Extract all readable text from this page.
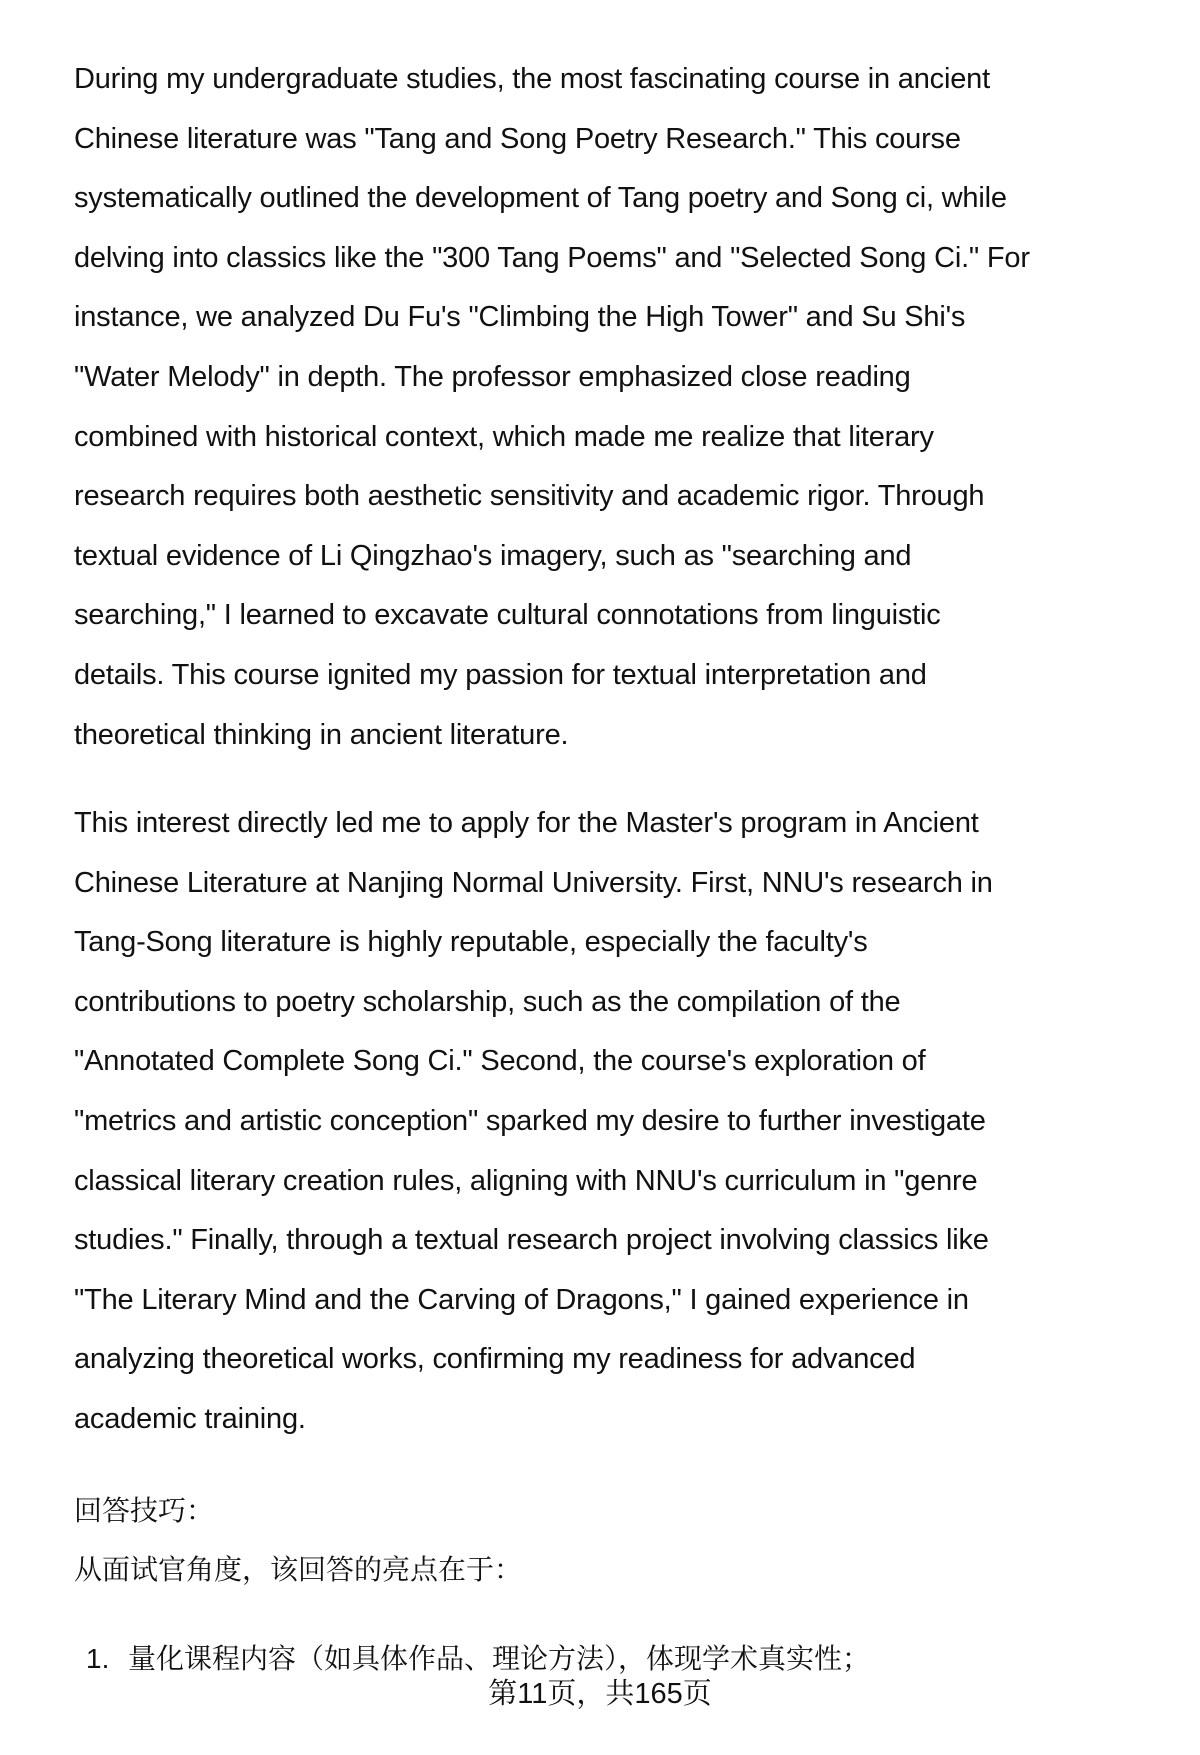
During my undergraduate studies, the most fascinating course in ancient
Chinese literature was "Tang and Song Poetry Research." This course
systematically outlined the development of Tang poetry and Song ci, while
delving into classics like the "300 Tang Poems" and "Selected Song Ci." For
instance, we analyzed Du Fu's "Climbing the High Tower" and Su Shi's
"Water Melody" in depth. The professor emphasized close reading
combined with historical context, which made me realize that literary
research requires both aesthetic sensitivity and academic rigor. Through
textual evidence of Li Qingzhao's imagery, such as "searching and
searching," I learned to excavate cultural connotations from linguistic
details. This course ignited my passion for textual interpretation and
theoretical thinking in ancient literature.
This interest directly led me to apply for the Master's program in Ancient
Chinese Literature at Nanjing Normal University. First, NNU's research in
Tang-Song literature is highly reputable, especially the faculty's
contributions to poetry scholarship, such as the compilation of the
"Annotated Complete Song Ci." Second, the course's exploration of
"metrics and artistic conception" sparked my desire to further investigate
classical literary creation rules, aligning with NNU's curriculum in "genre
studies." Finally, through a textual research project involving classics like
"The Literary Mind and the Carving of Dragons," I gained experience in
analyzing theoretical works, confirming my readiness for advanced
academic training.
回答技巧：
从面试官角度，该回答的亮点在于：
1. 量化课程内容（如具体作品、理论方法），体现学术真实性；
第11页，共165页
